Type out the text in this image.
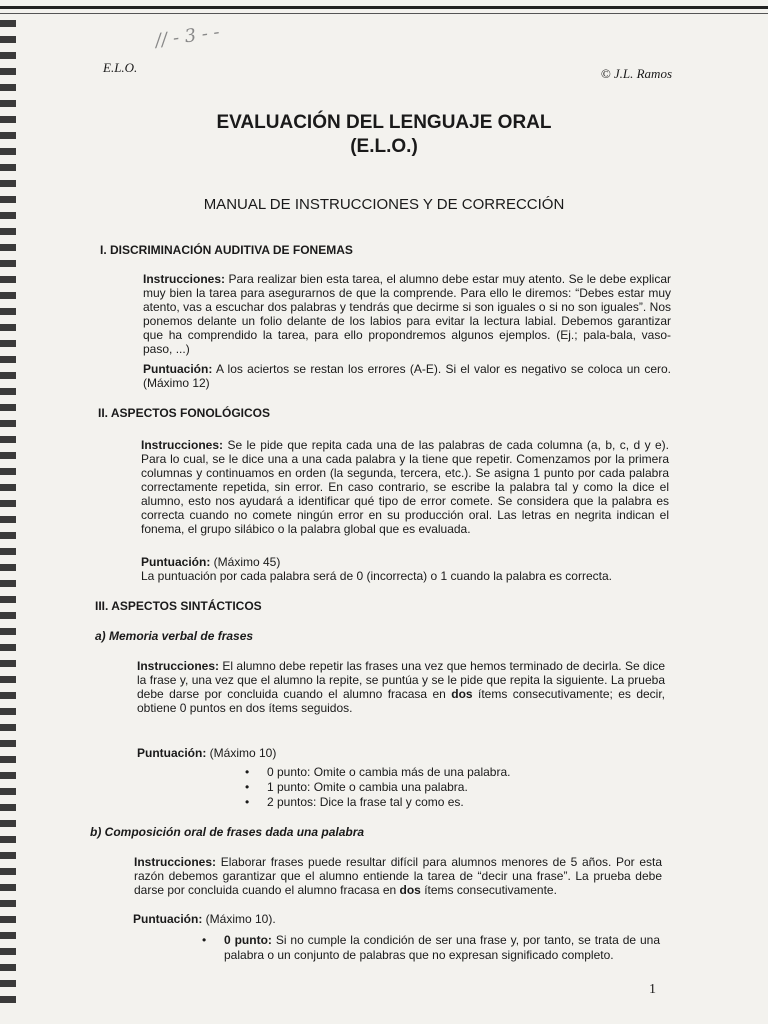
// - 3 - -
E.L.O.	© J.L. Ramos
EVALUACIÓN DEL LENGUAJE ORAL
(E.L.O.)
MANUAL DE INSTRUCCIONES Y DE CORRECCIÓN
I. DISCRIMINACIÓN AUDITIVA DE FONEMAS
Instrucciones: Para realizar bien esta tarea, el alumno debe estar muy atento. Se le debe explicar muy bien la tarea para asegurarnos de que la comprende. Para ello le diremos: “Debes estar muy atento, vas a escuchar dos palabras y tendrás que decirme si son iguales o si no son iguales”. Nos ponemos delante un folio delante de los labios para evitar la lectura labial. Debemos garantizar que ha comprendido la tarea, para ello propondremos algunos ejemplos. (Ej.; pala-bala, vaso-paso, ...)
Puntuación: A los aciertos se restan los errores (A-E). Si el valor es negativo se coloca un cero. (Máximo 12)
II. ASPECTOS FONOLÓGICOS
Instrucciones: Se le pide que repita cada una de las palabras de cada columna (a, b, c, d y e). Para lo cual, se le dice una a una cada palabra y la tiene que repetir. Comenzamos por la primera columnas y continuamos en orden (la segunda, tercera, etc.). Se asigna 1 punto por cada palabra correctamente repetida, sin error. En caso contrario, se escribe la palabra tal y como la dice el alumno, esto nos ayudará a identificar qué tipo de error comete. Se considera que la palabra es correcta cuando no comete ningún error en su producción oral. Las letras en negrita indican el fonema, el grupo silábico o la palabra global que es evaluada.
Puntuación: (Máximo 45)
La puntuación por cada palabra será de 0 (incorrecta) o 1 cuando la palabra es correcta.
III. ASPECTOS SINTÁCTICOS
a) Memoria verbal de frases
Instrucciones: El alumno debe repetir las frases una vez que hemos terminado de decirla. Se dice la frase y, una vez que el alumno la repite, se puntúa y se le pide que repita la siguiente. La prueba debe darse por concluida cuando el alumno fracasa en dos ítems consecutivamente; es decir, obtiene 0 puntos en dos ítems seguidos.
Puntuación: (Máximo 10)
• 0 punto: Omite o cambia más de una palabra.
• 1 punto: Omite o cambia una palabra.
• 2 puntos: Dice la frase tal y como es.
b) Composición oral de frases dada una palabra
Instrucciones: Elaborar frases puede resultar difícil para alumnos menores de 5 años. Por esta razón debemos garantizar que el alumno entiende la tarea de “decir una frase”. La prueba debe darse por concluida cuando el alumno fracasa en dos ítems consecutivamente.
Puntuación: (Máximo 10).
• 0 punto: Si no cumple la condición de ser una frase y, por tanto, se trata de una palabra o un conjunto de palabras que no expresan significado completo.
1
